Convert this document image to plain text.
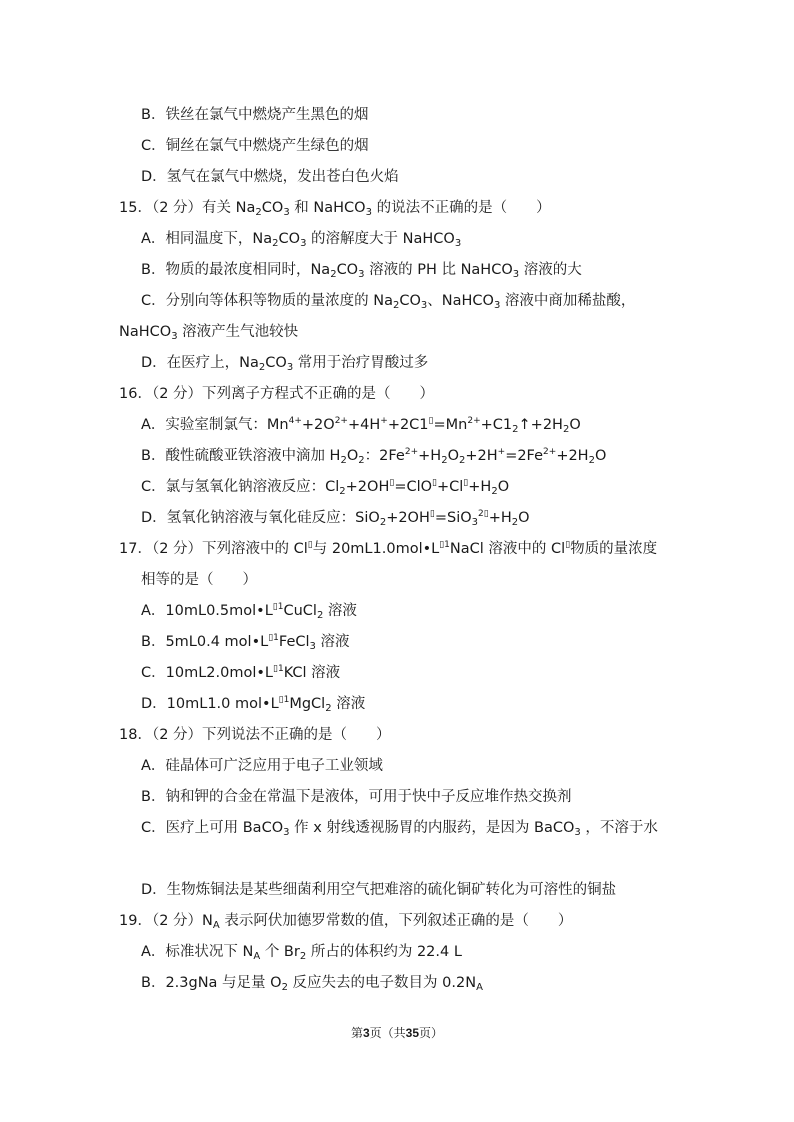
B．铁丝在氯气中燃烧产生黑色的烟
C．铜丝在氯气中燃烧产生绿色的烟
D．氢气在氯气中燃烧，发出苍白色火焰
15．（2 分）有关 $Na_2CO_3$ 和 NaHCO$_3$ 的说法不正确的是（　　）
A．相同温度下，$Na_2CO_3$ 的溶解度大于 NaHCO$_3$
B．物质的最浓度相同时，$Na_2CO_3$ 溶液的 PH 比 NaHCO$_3$ 溶液的大
C．分别向等体积等物质的量浓度的 $Na_2CO_3$、NaHCO$_3$ 溶液中商加稀盐酸，
NaHCO$_3$ 溶液产生气池较快
D．在医疗上，$Na_2CO_3$ 常用于治疗胃酸过多
16．（2 分）下列离子方程式不正确的是（　　）
A．实验室制氯气：$Mn^{4+}+2O^{2+}+4H^++2C1^▯=Mn^{2+}+C1_2↑+2H_2O$
B．酸性硫酸亚铁溶液中滴加 $H_2O_2$：$2Fe^{2+}+H_2O_2+2H^+=2Fe^{2+}+2H_2O$
C．氯与氢氧化钠溶液反应：$Cl_2+2OH^▯=ClO^▯+Cl^▯+H_2O$
D．氢氧化钠溶液与氧化硅反应：$SiO_2+2OH^▯=SiO_3^{2▯}+H_2O$
17．（2 分）下列溶液中的 Cl▯与 $20mL1.0mol•L^{▯1}NaCl$ 溶液中的 Cl▯物质的量浓度
相等的是（　　）
A．$10mL0.5mol•L^{▯1}CuCl_2$ 溶液
B．5mL0.4 $mol•L^{▯1}FeCl_3$ 溶液
C．$10mL2.0mol•L^{▯1}KCl$ 溶液
D．10mL1.0 $mol•L^{▯1}MgCl_2$ 溶液
18．（2 分）下列说法不正确的是（　　）
A．硅晶体可广泛应用于电子工业领域
B．钠和钾的合金在常温下是液体，可用于快中子反应堆作热交换剂
C．医疗上可用 BaCO$_3$ 作 x 射线透视肠胃的内服药，是因为 BaCO$_3$ ，不溶于水
D．生物炼铜法是某些细菌利用空气把难溶的硫化铜矿转化为可溶性的铜盐
19．（2 分）$N_A$ 表示阿伏加德罗常数的值，下列叙述正确的是（　　）
A．标准状况下 $N_A$ 个 $Br_2$ 所占的体积约为 22.4 L
B．2.3gNa 与足量 $O_2$ 反应失去的电子数目为 $0.2N_A$
第3页（共35页）
